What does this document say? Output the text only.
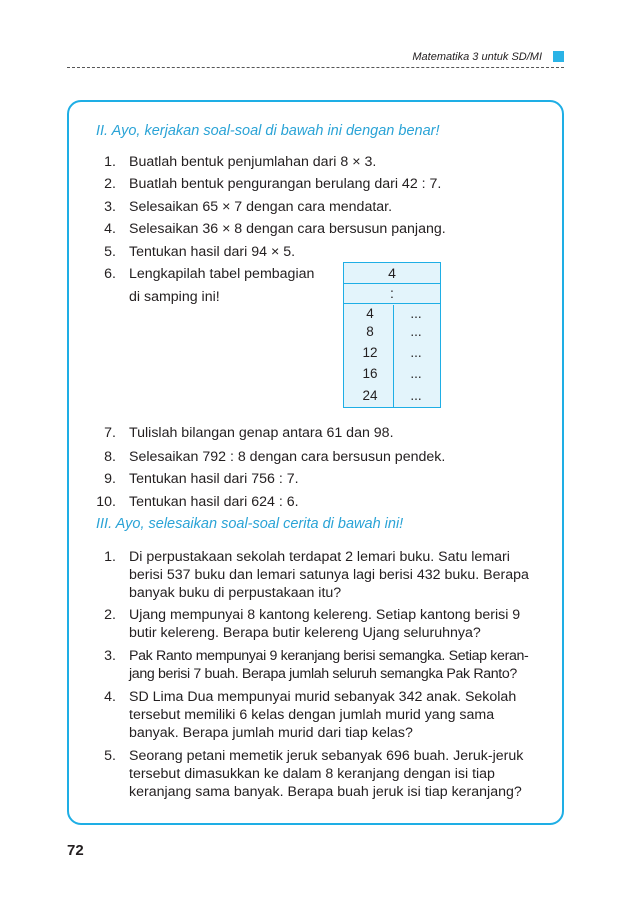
Matematika 3 untuk SD/MI
II. Ayo, kerjakan soal-soal di bawah ini dengan benar!
1. Buatlah bentuk penjumlahan dari 8 × 3.
2. Buatlah bentuk pengurangan berulang dari 42 : 7.
3. Selesaikan 65 × 7 dengan cara mendatar.
4. Selesaikan 36 × 8 dengan cara bersusun panjang.
5. Tentukan hasil dari 94 × 5.
6. Lengkapilah tabel pembagian
di samping ini!
7. Tulislah bilangan genap antara 61 dan 98.
8. Selesaikan 792 : 8 dengan cara bersusun pendek.
9. Tentukan hasil dari 756 : 7.
10. Tentukan hasil dari 624 : 6.
III. Ayo, selesaikan soal-soal cerita di bawah ini!
1. Di perpustakaan sekolah terdapat 2 lemari buku. Satu lemari
berisi 537 buku dan lemari satunya lagi berisi 432 buku. Berapa
banyak buku di perpustakaan itu?
2. Ujang mempunyai 8 kantong kelereng. Setiap kantong berisi 9
butir kelereng. Berapa butir kelereng Ujang seluruhnya?
3. Pak Ranto mempunyai 9 keranjang berisi semangka. Setiap keran-
jang berisi 7 buah. Berapa jumlah seluruh semangka Pak Ranto?
4. SD Lima Dua mempunyai murid sebanyak 342 anak. Sekolah
tersebut memiliki 6 kelas dengan jumlah murid yang sama
banyak. Berapa jumlah murid dari tiap kelas?
5. Seorang petani memetik jeruk sebanyak 696 buah. Jeruk-jeruk
tersebut dimasukkan ke dalam 8 keranjang dengan isi tiap
keranjang sama banyak. Berapa buah jeruk isi tiap keranjang?
4
:
4	...
8	...
12	...
16	...
24	...
72
